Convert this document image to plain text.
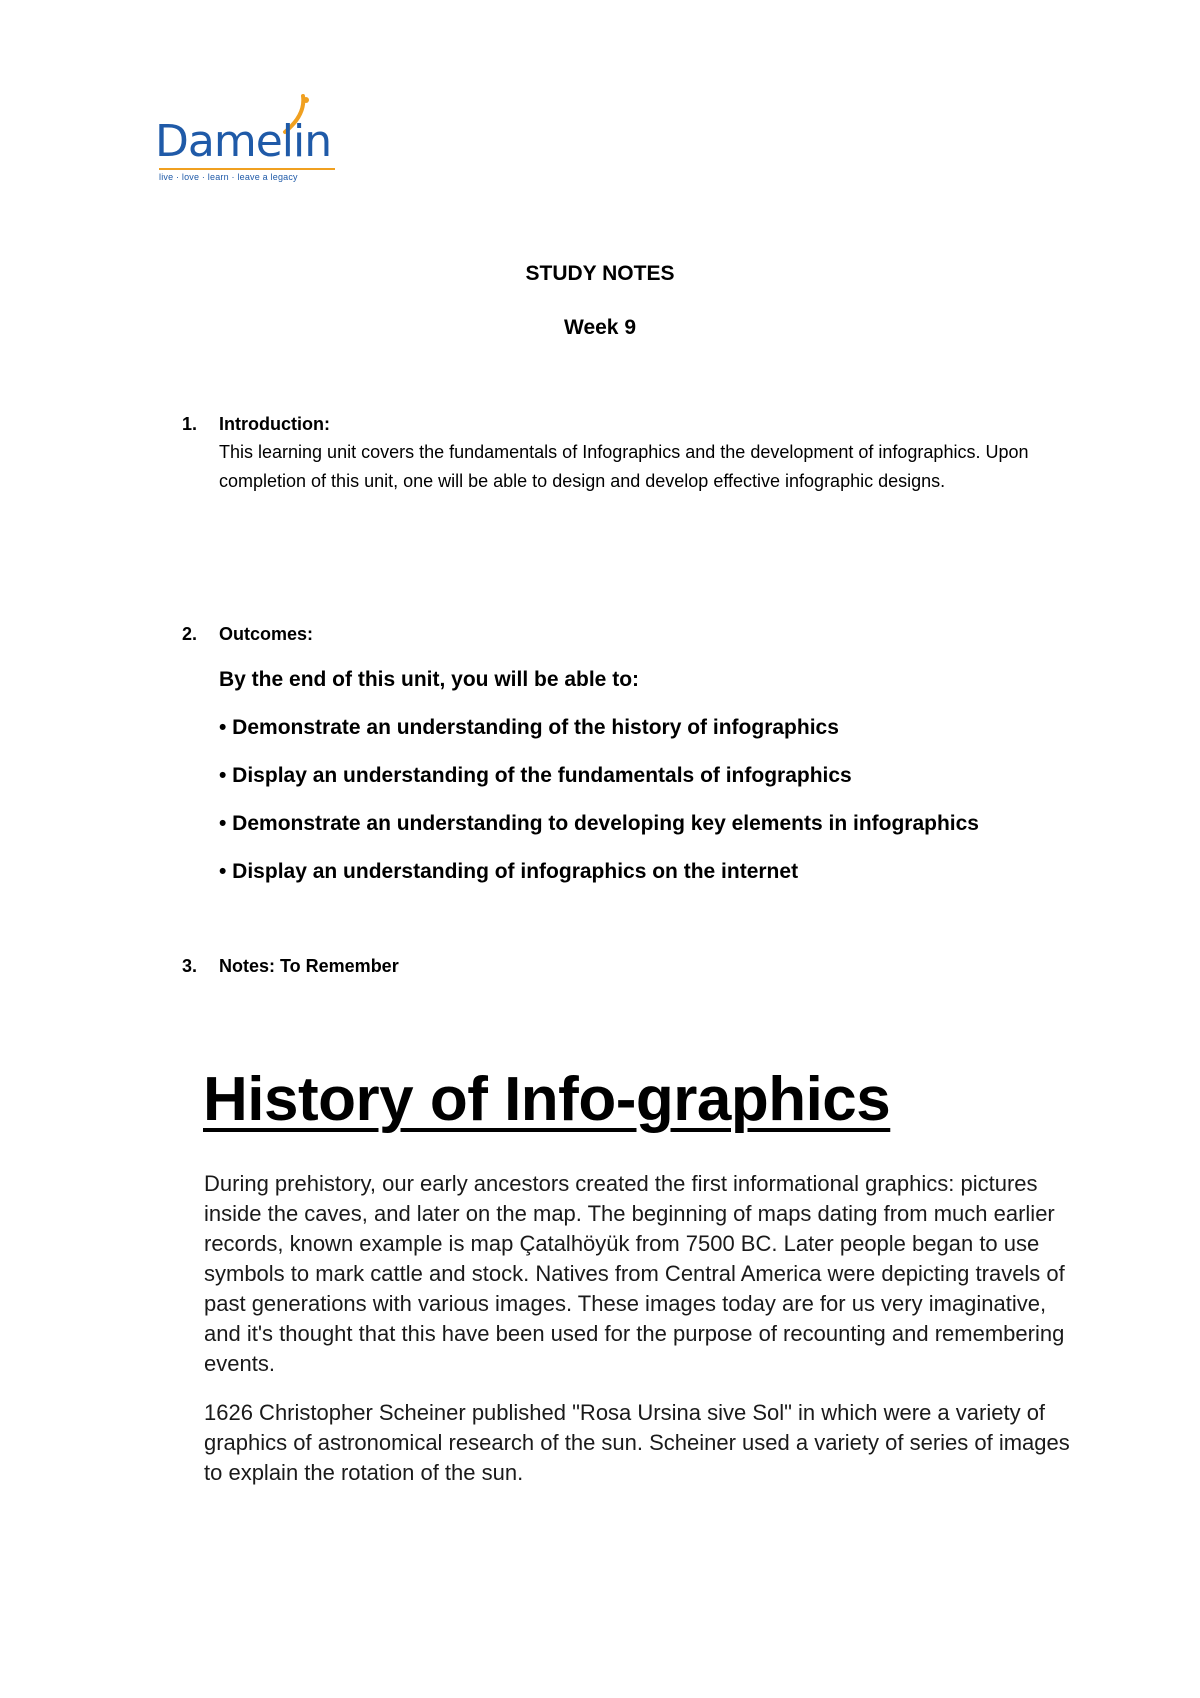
Damelin
live · love · learn · leave a legacy
STUDY NOTES
Week 9
1. Introduction:
This learning unit covers the fundamentals of Infographics and the development of infographics. Upon completion of this unit, one will be able to design and develop effective infographic designs.
2. Outcomes:
By the end of this unit, you will be able to:
• Demonstrate an understanding of the history of infographics
• Display an understanding of the fundamentals of infographics
• Demonstrate an understanding to developing key elements in infographics
• Display an understanding of infographics on the internet
3. Notes: To Remember
History of Info-graphics
During prehistory, our early ancestors created the first informational graphics: pictures inside the caves, and later on the map. The beginning of maps dating from much earlier records, known example is map Çatalhöyük from 7500 BC. Later people began to use symbols to mark cattle and stock. Natives from Central America were depicting travels of past generations with various images. These images today are for us very imaginative, and it's thought that this have been used for the purpose of recounting and remembering events.
1626 Christopher Scheiner published "Rosa Ursina sive Sol" in which were a variety of graphics of astronomical research of the sun. Scheiner used a variety of series of images to explain the rotation of the sun.
